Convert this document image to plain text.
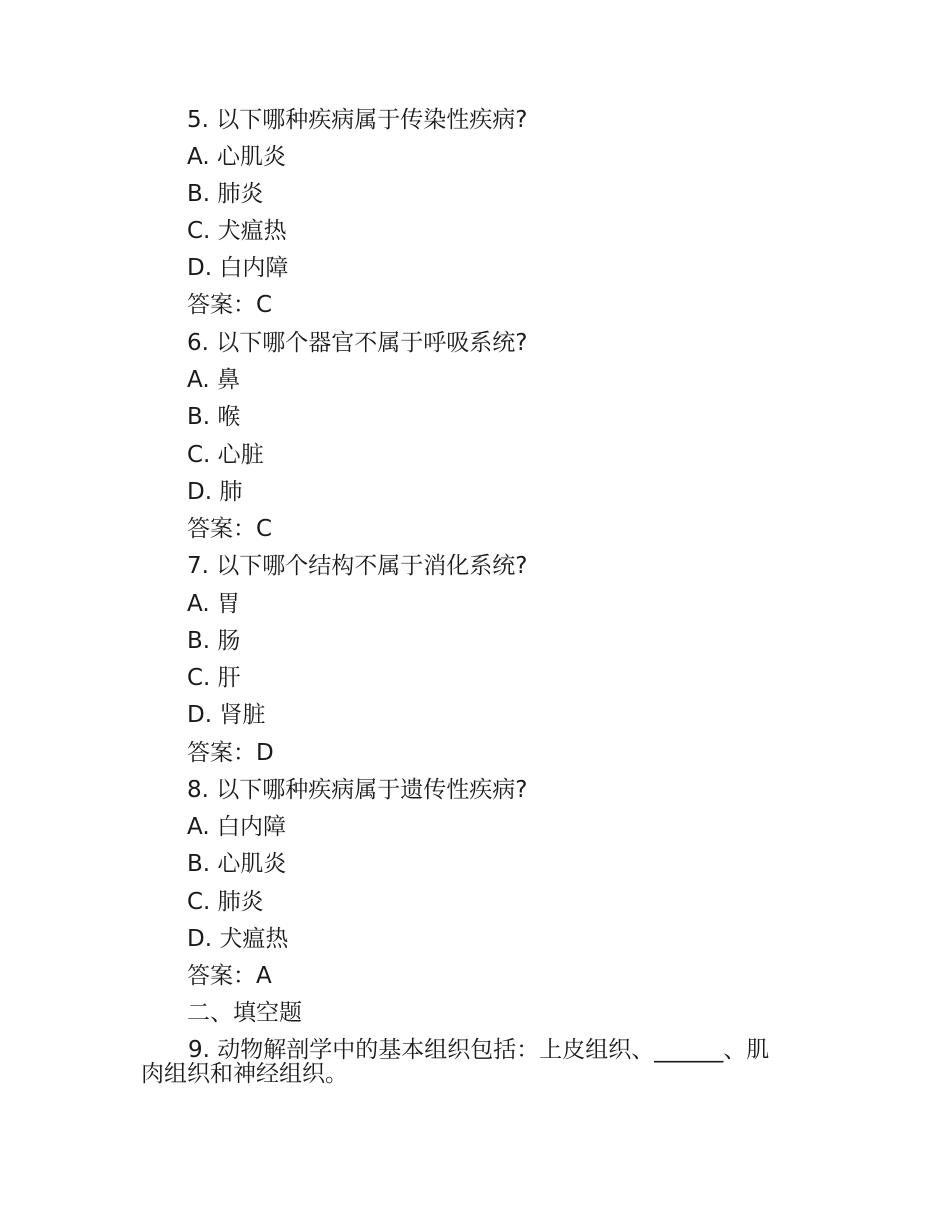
5. 以下哪种疾病属于传染性疾病?
A. 心肌炎
B. 肺炎
C. 犬瘟热
D. 白内障
答案：C
6. 以下哪个器官不属于呼吸系统?
A. 鼻
B. 喉
C. 心脏
D. 肺
答案：C
7. 以下哪个结构不属于消化系统?
A. 胃
B. 肠
C. 肝
D. 肾脏
答案：D
8. 以下哪种疾病属于遗传性疾病?
A. 白内障
B. 心肌炎
C. 肺炎
D. 犬瘟热
答案：A
二、填空题
9. 动物解剖学中的基本组织包括：上皮组织、______、肌
肉组织和神经组织。
